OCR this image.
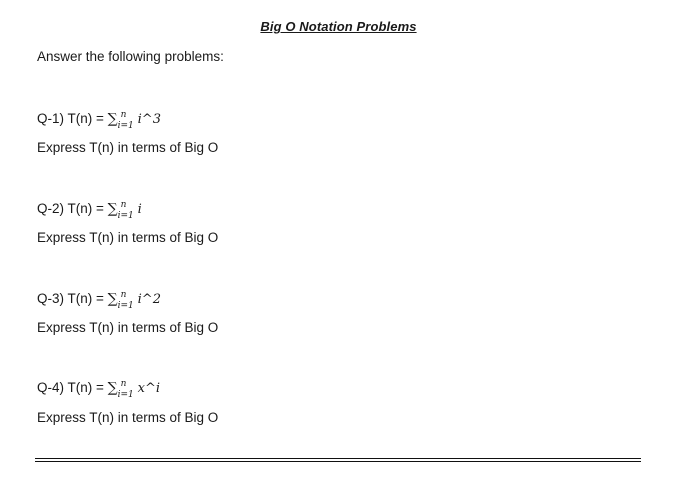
Big O Notation Problems
Answer the following problems:
Q-1) T(n) = ∑ n
i=1 i^3
Express T(n) in terms of Big O
Q-2) T(n) = ∑ n
i=1 i
Express T(n) in terms of Big O
Q-3) T(n) = ∑ n
i=1 i^2
Express T(n) in terms of Big O
Q-4) T(n) = ∑ n
i=1 x^i
Express T(n) in terms of Big O
